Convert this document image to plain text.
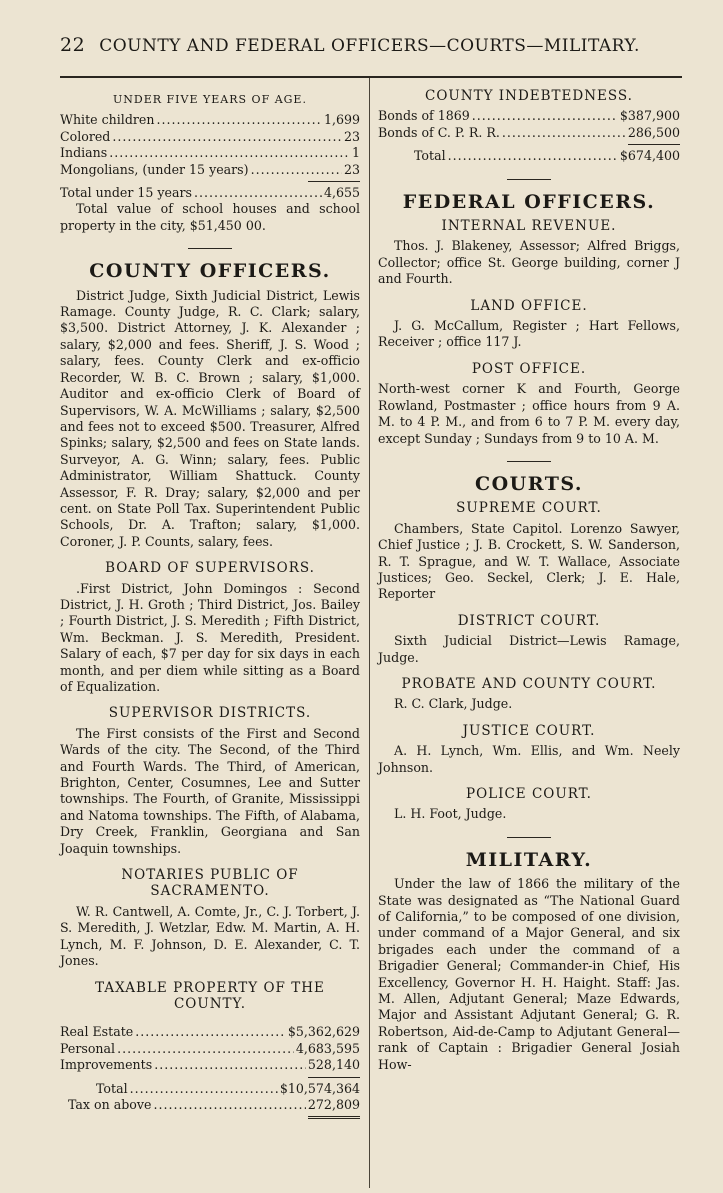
22 COUNTY AND FEDERAL OFFICERS—COURTS—MILITARY.
UNDER FIVE YEARS OF AGE.
White children .....	1,699
Colored .....	23
Indians .....	1
Mongolians, (under 15 years) .....	23
Total under 15 years .....	4,655

Total value of school houses and school property in the city, $51,450 00.

COUNTY OFFICERS.

District Judge, Sixth Judicial District, Lewis Ramage. County Judge, R. C. Clark; salary, $3,500. District Attorney, J. K. Alexander ; salary, $2,000 and fees. Sheriff, J. S. Wood ; salary, fees. County Clerk and ex-officio Recorder, W. B. C. Brown ; salary, $1,000. Auditor and ex-officio Clerk of Board of Supervisors, W. A. McWilliams ; salary, $2,500 and fees not to exceed $500. Treasurer, Alfred Spinks; salary, $2,500 and fees on State lands. Surveyor, A. G. Winn; salary, fees. Public Administrator, William Shattuck. County Assessor, F. R. Dray; salary, $2,000 and per cent. on State Poll Tax. Superintendent Public Schools, Dr. A. Trafton; salary, $1,000. Coroner, J. P. Counts, salary, fees.

BOARD OF SUPERVISORS.

.First District, John Domingos : Second District, J. H. Groth ; Third District, Jos. Bailey ; Fourth District, J. S. Meredith ; Fifth District, Wm. Beckman. J. S. Meredith, President. Salary of each, $7 per day for six days in each month, and per diem while sitting as a Board of Equalization.

SUPERVISOR DISTRICTS.

The First consists of the First and Second Wards of the city. The Second, of the Third and Fourth Wards. The Third, of American, Brighton, Center, Cosumnes, Lee and Sutter townships. The Fourth, of Granite, Mississippi and Natoma townships. The Fifth, of Alabama, Dry Creek, Franklin, Georgiana and San Joaquin townships.

NOTARIES PUBLIC OF SACRAMENTO.

W. R. Cantwell, A. Comte, Jr., C. J. Torbert, J. S. Meredith, J. Wetzlar, Edw. M. Martin, A. H. Lynch, M. F. Johnson, D. E. Alexander, C. T. Jones.

TAXABLE PROPERTY OF THE COUNTY.
Real Estate .....	$5,362,629
Personal .....	4,683,595
Improvements .....	528,140
Total .....	$10,574,364
Tax on above .....	272,809
COUNTY INDEBTEDNESS.
Bonds of 1869 .....	$387,900
Bonds of C. P. R. R. .....	286,500
Total .....	$674,400
FEDERAL OFFICERS.
INTERNAL REVENUE.

Thos. J. Blakeney, Assessor; Alfred Briggs, Collector; office St. George building, corner J and Fourth.

LAND OFFICE.

J. G. McCallum, Register ; Hart Fellows, Receiver ; office 117 J.

POST OFFICE.

North-west corner K and Fourth, George Rowland, Postmaster ; office hours from 9 A. M. to 4 P. M., and from 6 to 7 P. M. every day, except Sunday ; Sundays from 9 to 10 A. M.

COURTS.
SUPREME COURT.

Chambers, State Capitol. Lorenzo Sawyer, Chief Justice ; J. B. Crockett, S. W. Sanderson, R. T. Sprague, and W. T. Wallace, Associate Justices; Geo. Seckel, Clerk; J. E. Hale, Reporter

DISTRICT COURT.

Sixth Judicial District—Lewis Ramage, Judge.

PROBATE AND COUNTY COURT.

R. C. Clark, Judge.

JUSTICE COURT.

A. H. Lynch, Wm. Ellis, and Wm. Neely Johnson.

POLICE COURT.

L. H. Foot, Judge.

MILITARY.

Under the law of 1866 the military of the State was designated as “The National Guard of California,” to be composed of one division, under command of a Major General, and six brigades each under the command of a Brigadier General; Commander-in Chief, His Excellency, Governor H. H. Haight. Staff: Jas. M. Allen, Adjutant General; Maze Edwards, Major and Assistant Adjutant General; G. R. Robertson, Aid-de-Camp to Adjutant General—rank of Captain : Brigadier General Josiah How-
